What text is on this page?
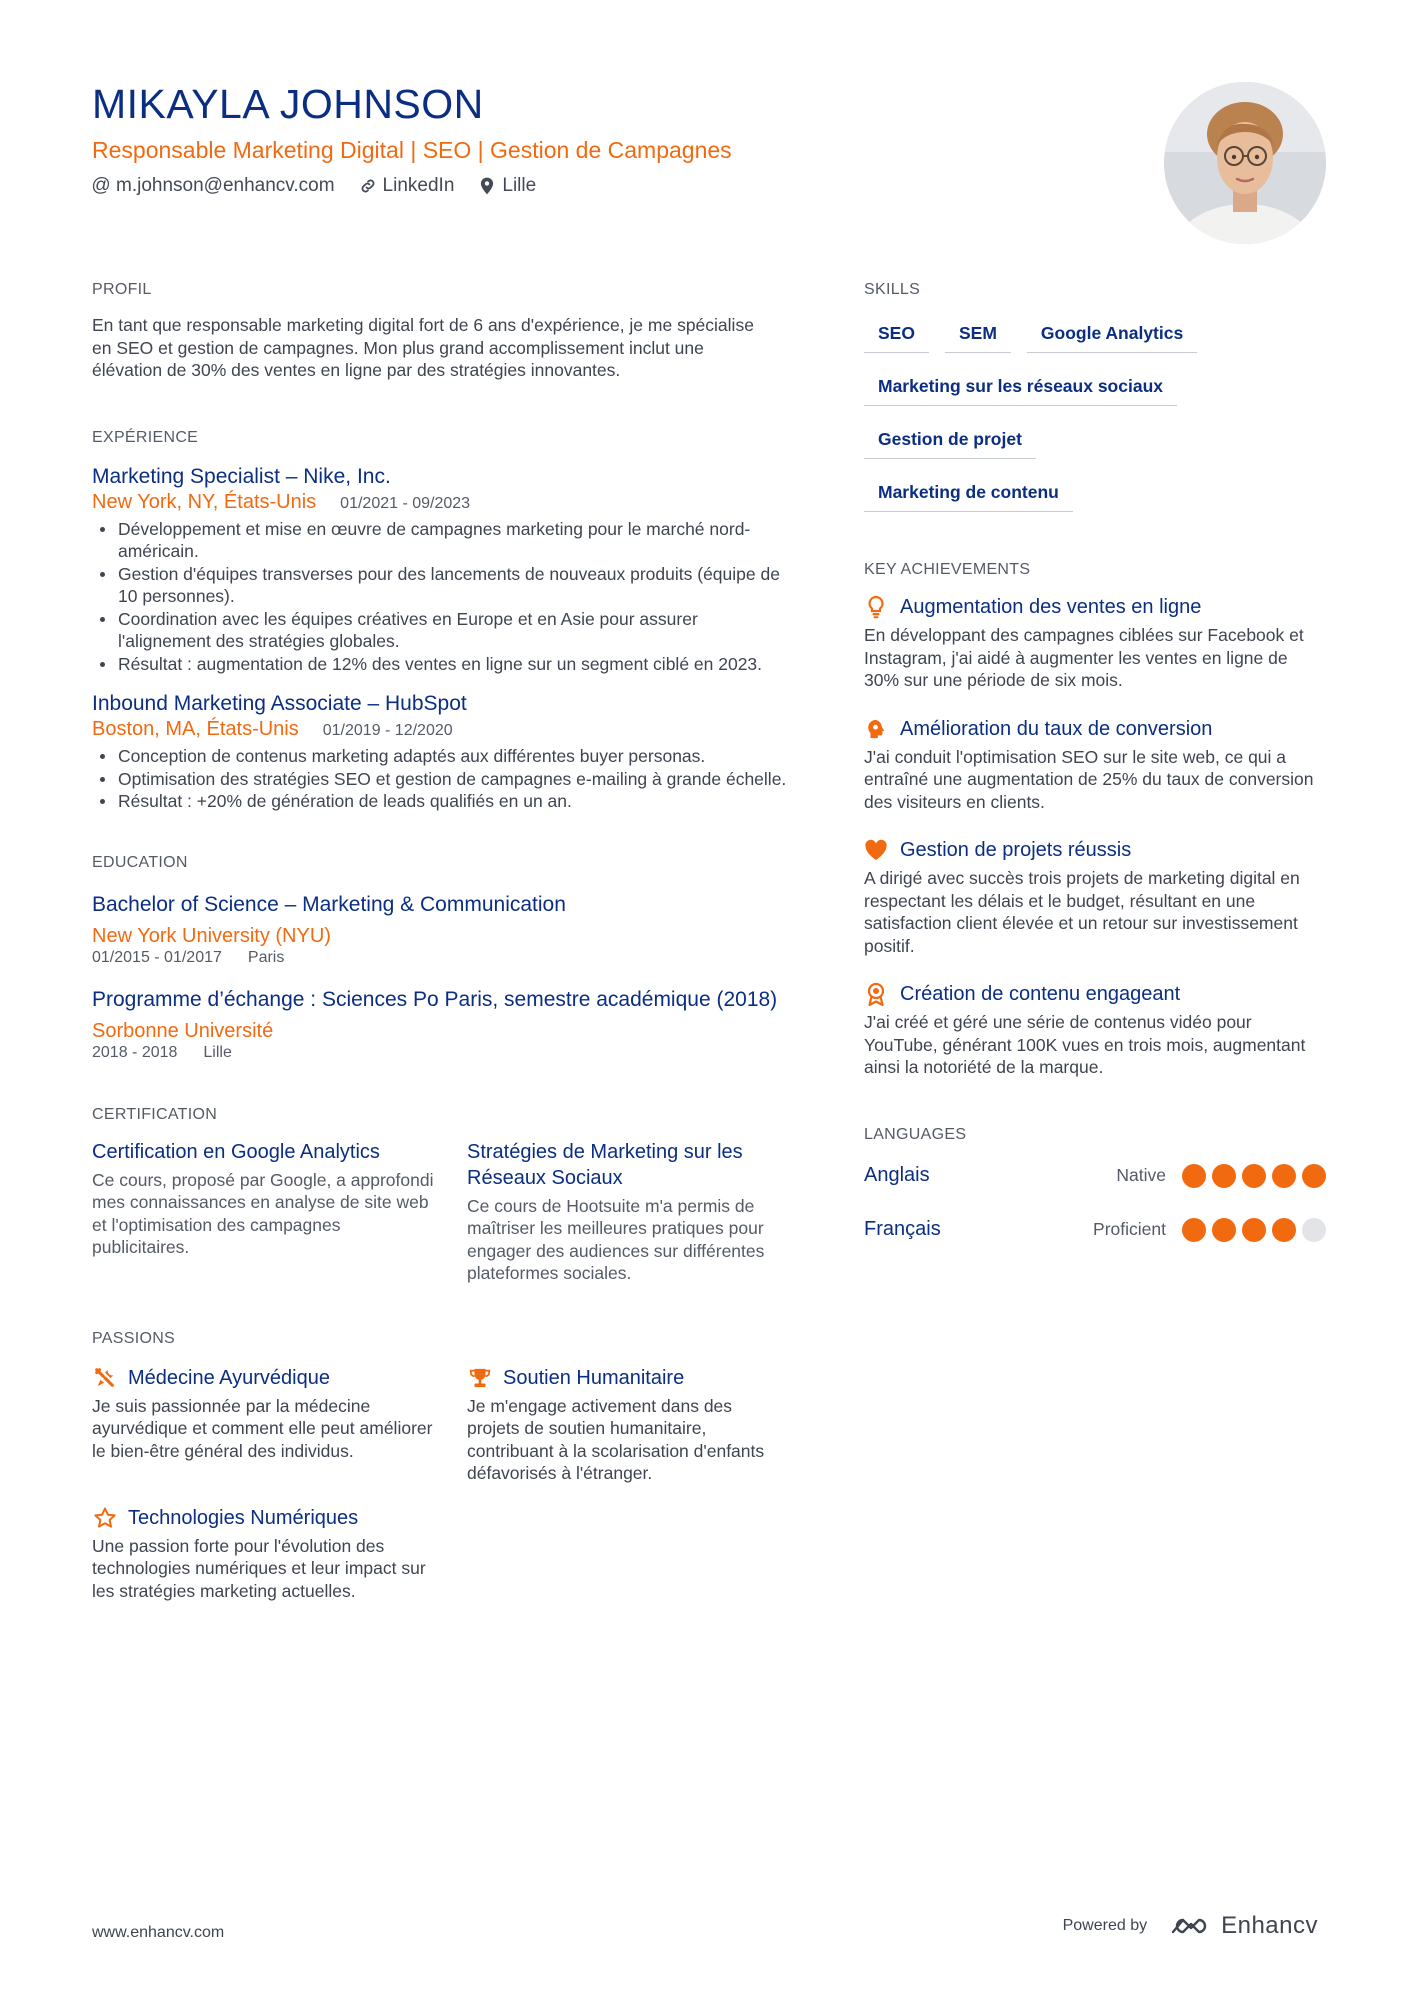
MIKAYLA JOHNSON
Responsable Marketing Digital | SEO | Gestion de Campagnes
@ m.johnson@enhancv.com	LinkedIn	Lille
PROFIL

En tant que responsable marketing digital fort de 6 ans d'expérience, je me spécialise en SEO et gestion de campagnes. Mon plus grand accomplissement inclut une élévation de 30% des ventes en ligne par des stratégies innovantes.

EXPÉRIENCE
Marketing Specialist – Nike, Inc.
New York, NY, États-Unis 01/2021 - 09/2023
Développement et mise en œuvre de campagnes marketing pour le marché nord-américain.
Gestion d'équipes transverses pour des lancements de nouveaux produits (équipe de 10 personnes).
Coordination avec les équipes créatives en Europe et en Asie pour assurer l'alignement des stratégies globales.
Résultat : augmentation de 12% des ventes en ligne sur un segment ciblé en 2023.
Inbound Marketing Associate – HubSpot
Boston, MA, États-Unis 01/2019 - 12/2020
Conception de contenus marketing adaptés aux différentes buyer personas.
Optimisation des stratégies SEO et gestion de campagnes e-mailing à grande échelle.
Résultat : +20% de génération de leads qualifiés en un an.
EDUCATION
Bachelor of Science – Marketing & Communication
New York University (NYU)
01/2015 - 01/2017 Paris
Programme d’échange : Sciences Po Paris, semestre académique (2018)
Sorbonne Université
2018 - 2018 Lille
CERTIFICATION
Certification en Google Analytics
Ce cours, proposé par Google, a approfondi mes connaissances en analyse de site web et l'optimisation des campagnes publicitaires.
Stratégies de Marketing sur les Réseaux Sociaux
Ce cours de Hootsuite m'a permis de maîtriser les meilleures pratiques pour engager des audiences sur différentes plateformes sociales.
PASSIONS
Médecine Ayurvédique
Je suis passionnée par la médecine ayurvédique et comment elle peut améliorer le bien-être général des individus.
Soutien Humanitaire
Je m'engage activement dans des projets de soutien humanitaire, contribuant à la scolarisation d'enfants défavorisés à l'étranger.
Technologies Numériques
Une passion forte pour l'évolution des technologies numériques et leur impact sur les stratégies marketing actuelles.
SKILLS
SEO	SEM	Google Analytics
Marketing sur les réseaux sociaux
Gestion de projet
Marketing de contenu
KEY ACHIEVEMENTS
Augmentation des ventes en ligne
En développant des campagnes ciblées sur Facebook et Instagram, j'ai aidé à augmenter les ventes en ligne de 30% sur une période de six mois.
Amélioration du taux de conversion
J'ai conduit l'optimisation SEO sur le site web, ce qui a entraîné une augmentation de 25% du taux de conversion des visiteurs en clients.
Gestion de projets réussis
A dirigé avec succès trois projets de marketing digital en respectant les délais et le budget, résultant en une satisfaction client élevée et un retour sur investissement positif.
Création de contenu engageant
J'ai créé et géré une série de contenus vidéo pour YouTube, générant 100K vues en trois mois, augmentant ainsi la notoriété de la marque.
LANGUAGES
Anglais	Native
Français	Proficient
www.enhancv.com	Powered by	Enhancv
